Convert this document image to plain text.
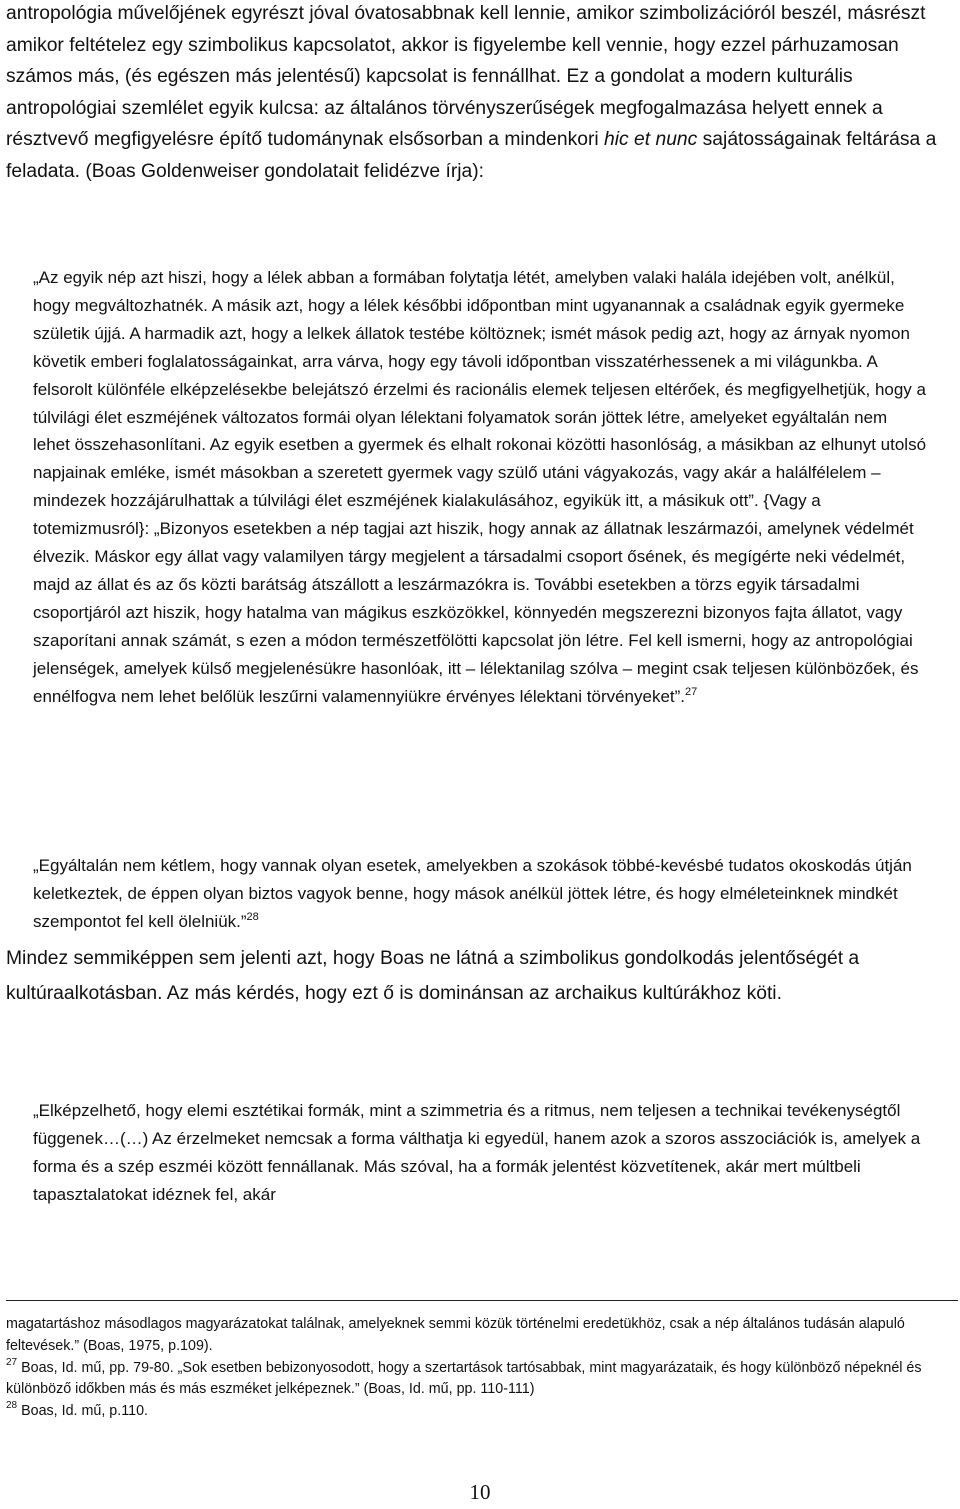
antropológia művelőjének egyrészt jóval óvatosabbnak kell lennie, amikor szimbolizációról beszél, másrészt amikor feltételez egy szimbolikus kapcsolatot, akkor is figyelembe kell vennie, hogy ezzel párhuzamosan számos más, (és egészen más jelentésű) kapcsolat is fennállhat. Ez a gondolat a modern kulturális antropológiai szemlélet egyik kulcsa: az általános törvényszerűségek megfogalmazása helyett ennek a résztvevő megfigyelésre építő tudománynak elsősorban a mindenkori hic et nunc sajátosságainak feltárása a feladata. (Boas Goldenweiser gondolatait felidézve írja):

„Az egyik nép azt hiszi, hogy a lélek abban a formában folytatja létét, amelyben valaki halála idejében volt, anélkül, hogy megváltozhatnék. A másik azt, hogy a lélek későbbi időpontban mint ugyanannak a családnak egyik gyermeke születik újjá. A harmadik azt, hogy a lelkek állatok testébe költöznek; ismét mások pedig azt, hogy az árnyak nyomon követik emberi foglalatosságainkat, arra várva, hogy egy távoli időpontban visszatérhessenek a mi világunkba. A felsorolt különféle elképzelésekbe belejátszó érzelmi és racionális elemek teljesen eltérőek, és megfigyelhetjük, hogy a túlvilági élet eszméjének változatos formái olyan lélektani folyamatok során jöttek létre, amelyeket egyáltalán nem lehet összehasonlítani. Az egyik esetben a gyermek és elhalt rokonai közötti hasonlóság, a másikban az elhunyt utolsó napjainak emléke, ismét másokban a szeretett gyermek vagy szülő utáni vágyakozás, vagy akár a halálfélelem – mindezek hozzájárulhattak a túlvilági élet eszméjének kialakulásához, egyikük itt, a másikuk ott”. {Vagy a totemizmusról}: „Bizonyos esetekben a nép tagjai azt hiszik, hogy annak az állatnak leszármazói, amelynek védelmét élvezik. Máskor egy állat vagy valamilyen tárgy megjelent a társadalmi csoport ősének, és megígérte neki védelmét, majd az állat és az ős közti barátság átszállott a leszármazókra is. További esetekben a törzs egyik társadalmi csoportjáról azt hiszik, hogy hatalma van mágikus eszközökkel, könnyedén megszerezni bizonyos fajta állatot, vagy szaporítani annak számát, s ezen a módon természetfölötti kapcsolat jön létre. Fel kell ismerni, hogy az antropológiai jelenségek, amelyek külső megjelenésükre hasonlóak, itt – lélektanilag szólva – megint csak teljesen különbözőek, és ennélfogva nem lehet belőlük leszűrni valamennyiükre érvényes lélektani törvényeket”.$^{27}$

„Egyáltalán nem kétlem, hogy vannak olyan esetek, amelyekben a szokások többé-kevésbé tudatos okoskodás útján keletkeztek, de éppen olyan biztos vagyok benne, hogy mások anélkül jöttek létre, és hogy elméleteinknek mindkét szempontot fel kell ölelniük.”$^{28}$

Mindez semmiképpen sem jelenti azt, hogy Boas ne látná a szimbolikus gondolkodás jelentőségét a kultúraalkotásban. Az más kérdés, hogy ezt ő is dominánsan az archaikus kultúrákhoz köti.

„Elképzelhető, hogy elemi esztétikai formák, mint a szimmetria és a ritmus, nem teljesen a technikai tevékenységtől függenek…(…) Az érzelmeket nemcsak a forma válthatja ki egyedül, hanem azok a szoros asszociációk is, amelyek a forma és a szép eszméi között fennállanak. Más szóval, ha a formák jelentést közvetítenek, akár mert múltbeli tapasztalatokat idéznek fel, akár

magatartáshoz másodlagos magyarázatokat találnak, amelyeknek semmi közük történelmi eredetükhöz, csak a nép általános tudásán alapuló feltevések.” (Boas, 1975, p.109).

$^{27}$ Boas, Id. mű, pp. 79-80. „Sok esetben bebizonyosodott, hogy a szertartások tartósabbak, mint magyarázataik, és hogy különböző népeknél és különböző időkben más és más eszméket jelképeznek.” (Boas, Id. mű, pp. 110-111)

$^{28}$ Boas, Id. mű, p.110.

10
